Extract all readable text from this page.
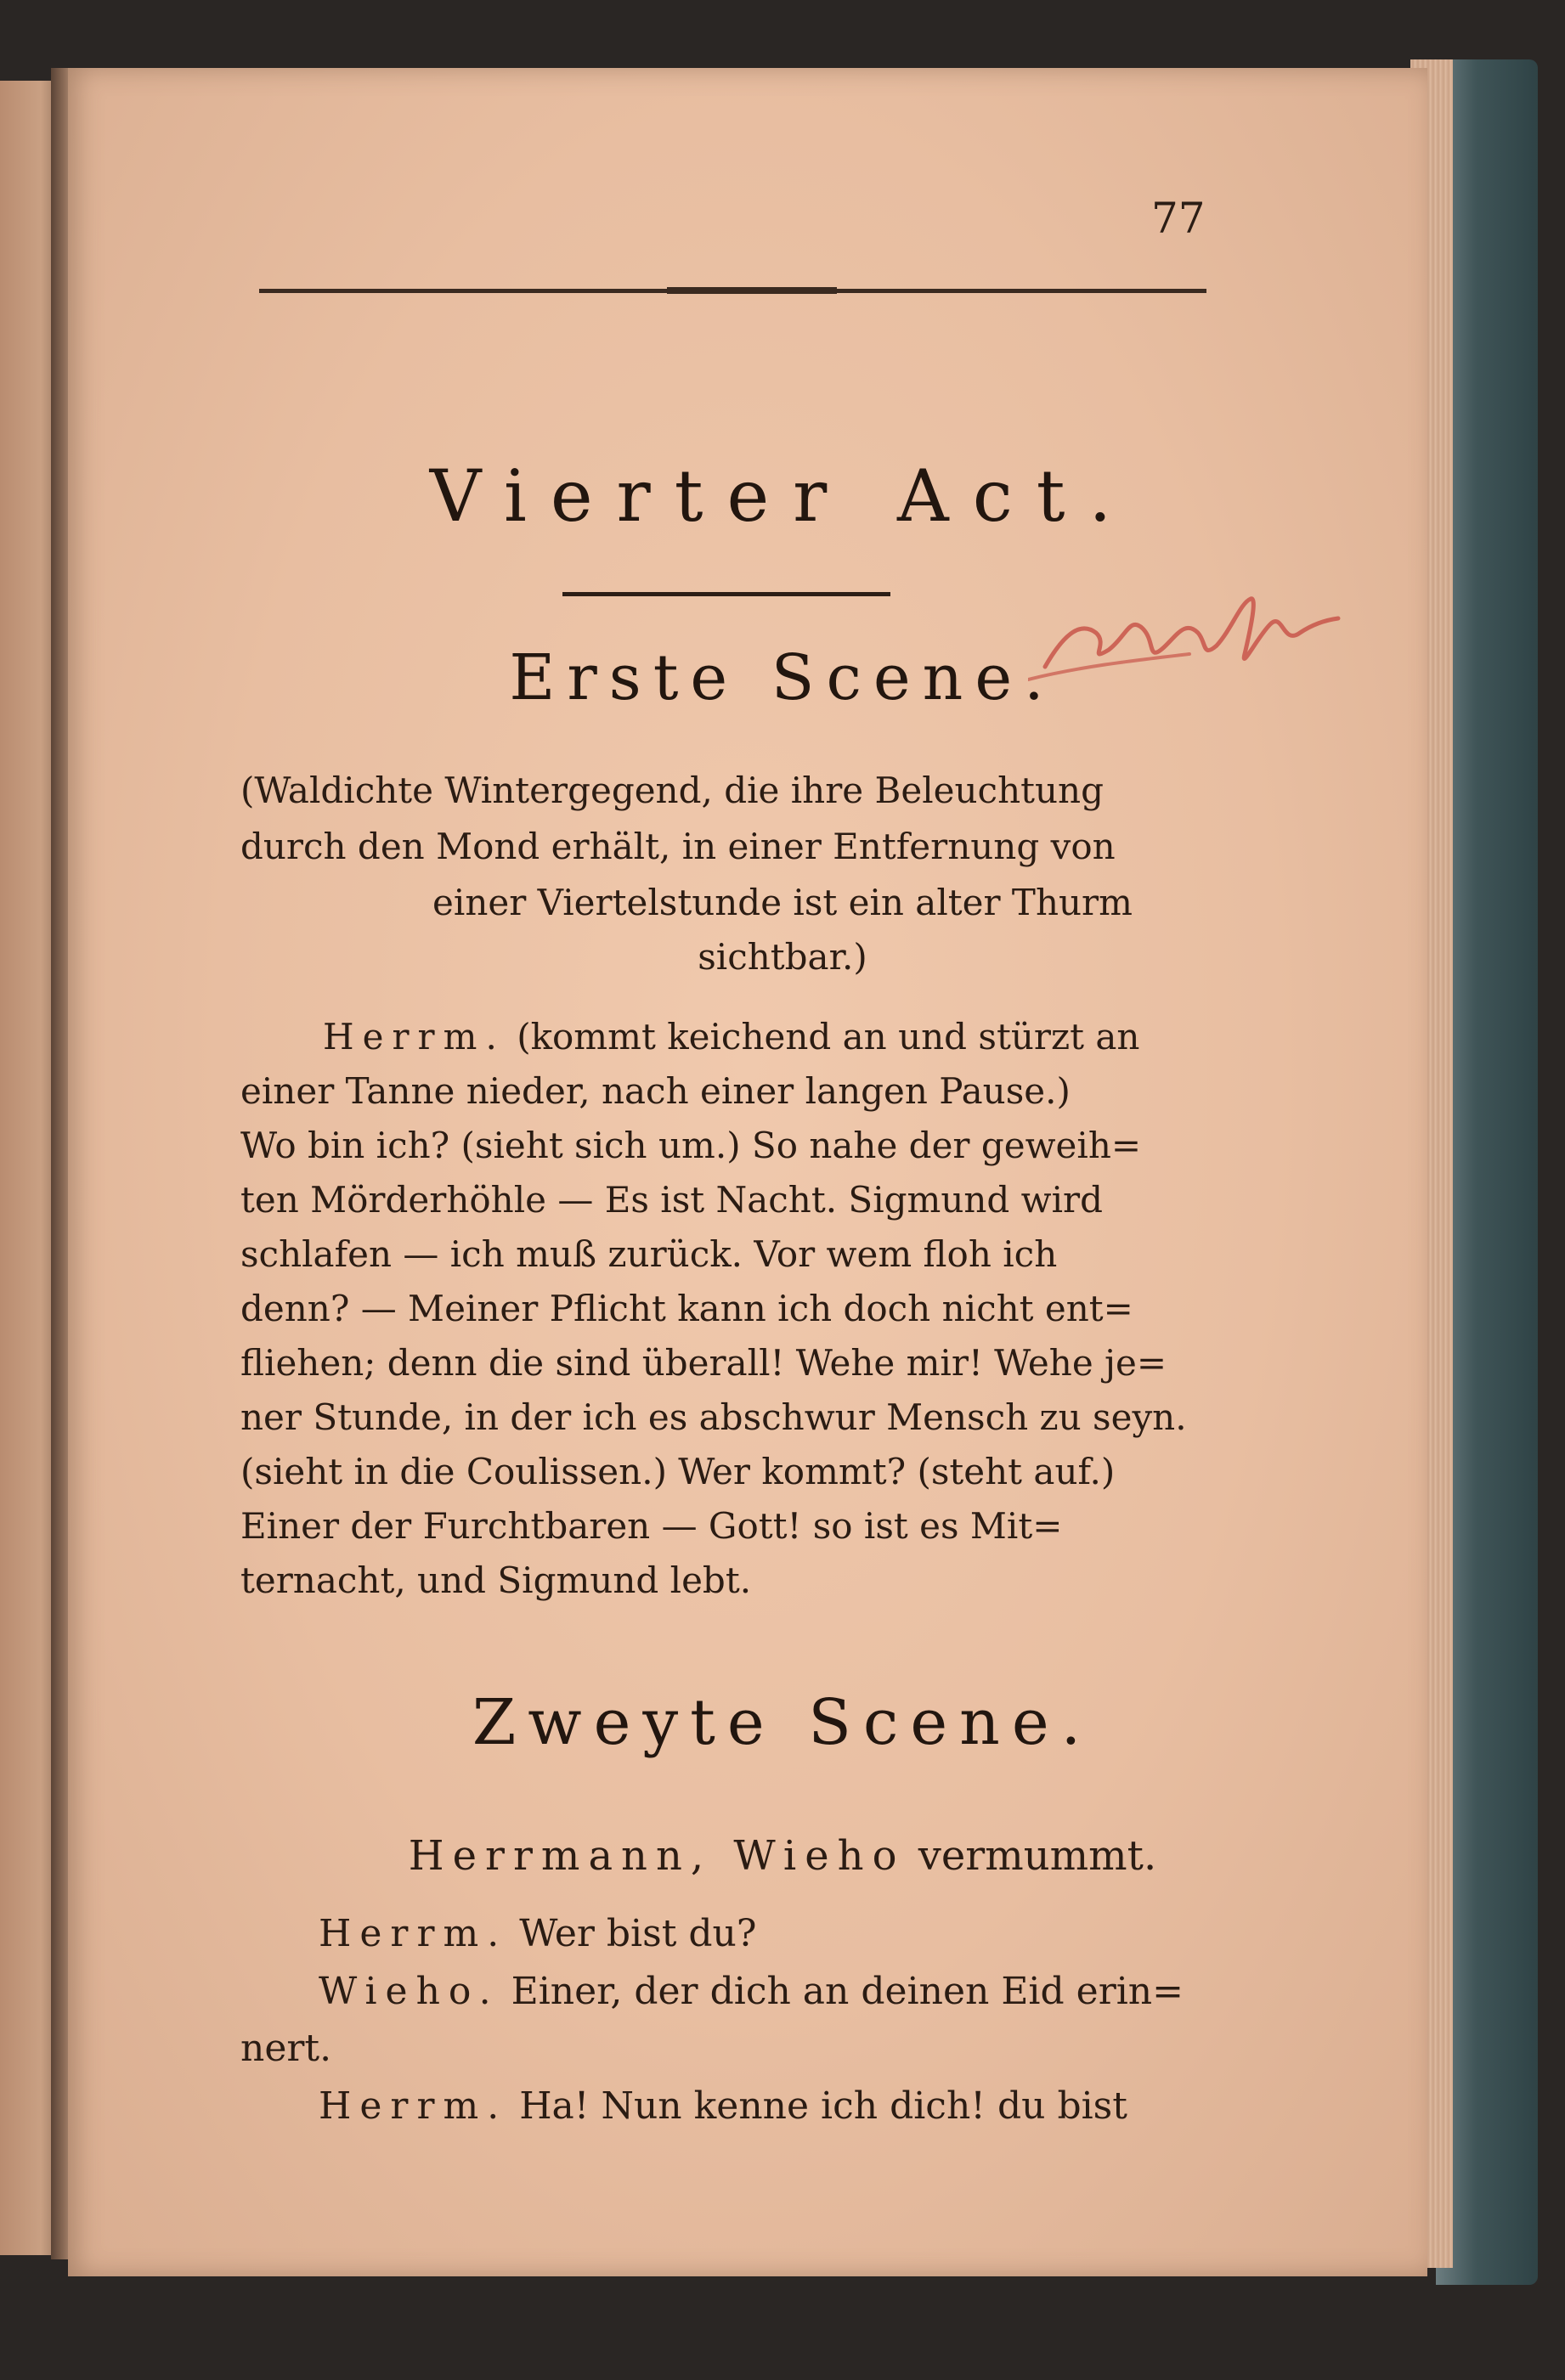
77
Vierter Act.
Erste Scene.
(Waldichte Wintergegend, die ihre Beleuchtung
durch den Mond erhält, in einer Entfernung von
einer Viertelstunde ist ein alter Thurm
sichtbar.)
Herrm. (kommt keichend an und stürzt an
einer Tanne nieder, nach einer langen Pause.)
Wo bin ich? (sieht sich um.) So nahe der geweih=
ten Mörderhöhle — Es ist Nacht. Sigmund wird
schlafen — ich muß zurück. Vor wem floh ich
denn? — Meiner Pflicht kann ich doch nicht ent=
fliehen; denn die sind überall! Wehe mir! Wehe je=
ner Stunde, in der ich es abschwur Mensch zu seyn.
(sieht in die Coulissen.) Wer kommt? (steht auf.)
Einer der Furchtbaren — Gott! so ist es Mit=
ternacht, und Sigmund lebt.
Zweyte Scene.
Herrmann, Wieho vermummt.
Herrm. Wer bist du?
Wieho. Einer, der dich an deinen Eid erin=
nert.
Herrm. Ha! Nun kenne ich dich! du bist
